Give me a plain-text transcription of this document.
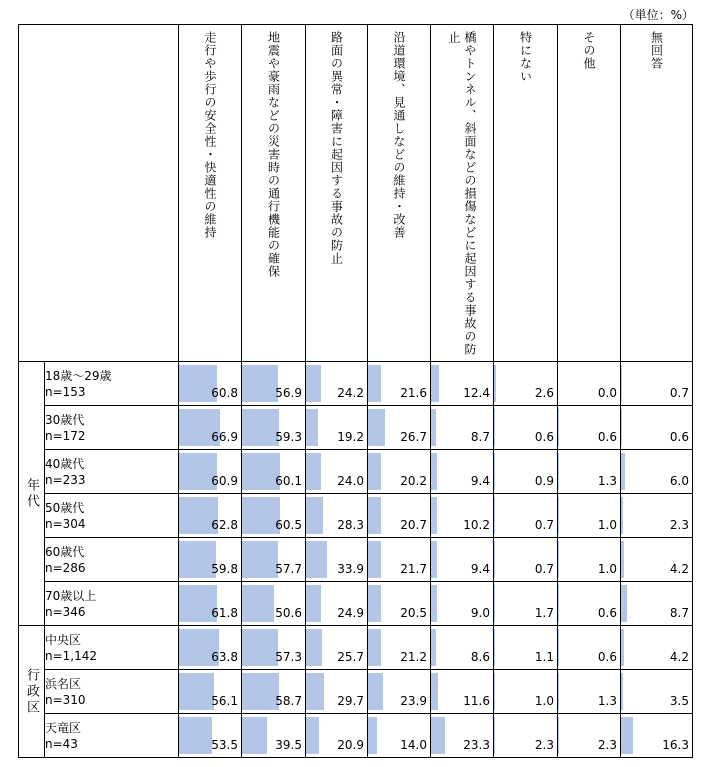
（単位：%）

		走行や歩行の安全性・快適性の維持	地震や豪雨などの災害時の通行機能の確保	路面の異常・障害に起因する事故の防止	沿道環境、見通しなどの維持・改善	橋やトンネル、斜面などの損傷などに起因する事故の防止	特にない	その他	無回答

年代	18歳～29歳
n=153	60.8	56.9	24.2	21.6	12.4	2.6	0.0	0.7

	30歳代
n=172	66.9	59.3	19.2	26.7	8.7	0.6	0.6	0.6

	40歳代
n=233	60.9	60.1	24.0	20.2	9.4	0.9	1.3	6.0

	50歳代
n=304	62.8	60.5	28.3	20.7	10.2	0.7	1.0	2.3

	60歳代
n=286	59.8	57.7	33.9	21.7	9.4	0.7	1.0	4.2

	70歳以上
n=346	61.8	50.6	24.9	20.5	9.0	1.7	0.6	8.7

行政区	中央区
n=1,142	63.8	57.3	25.7	21.2	8.6	1.1	0.6	4.2

	浜名区
n=310	56.1	58.7	29.7	23.9	11.6	1.0	1.3	3.5

	天竜区
n=43	53.5	39.5	20.9	14.0	23.3	2.3	2.3	16.3
